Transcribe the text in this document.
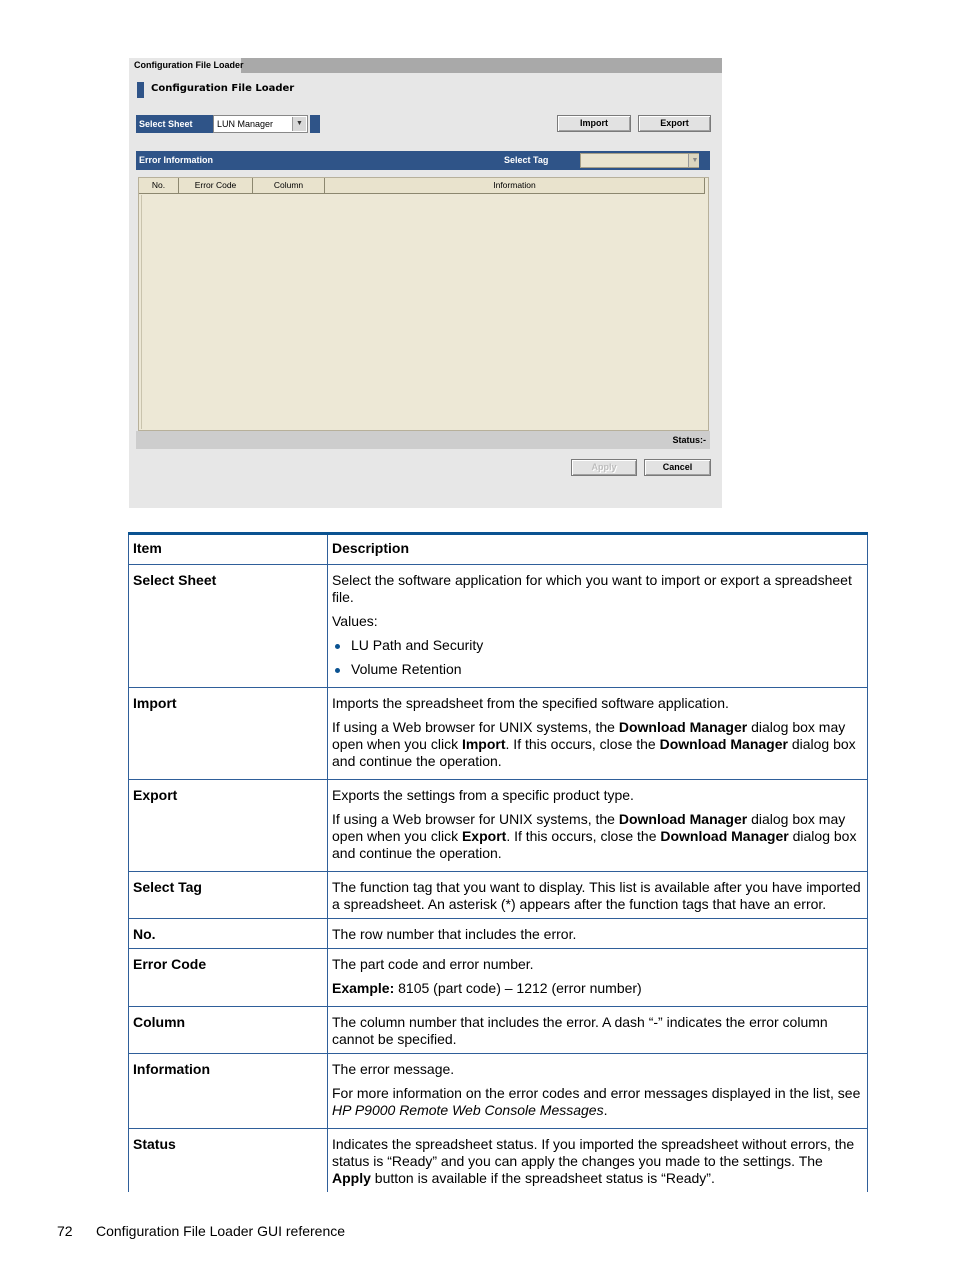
Configuration File Loader
Configuration File Loader
Select Sheet	LUN Manager	▼	Import	Export
Error Information	Select Tag	▼
No.	Error Code	Column	Information
Status:-
Apply	Cancel
Item	Description
Select Sheet	Select the software application for which you want to import or export a spreadsheet file.

Values:

LU Path and Security
Volume Retention
Import	Imports the spreadsheet from the specified software application.

If using a Web browser for UNIX systems, the Download Manager dialog box may open when you click Import. If this occurs, close the Download Manager dialog box and continue the operation.

Export	Exports the settings from a specific product type.

If using a Web browser for UNIX systems, the Download Manager dialog box may open when you click Export. If this occurs, close the Download Manager dialog box and continue the operation.

Select Tag	The function tag that you want to display. This list is available after you have imported a spreadsheet. An asterisk (*) appears after the function tags that have an error.

No.	The row number that includes the error.

Error Code	The part code and error number.

Example: 8105 (part code) – 1212 (error number)

Column	The column number that includes the error. A dash “-” indicates the error column cannot be specified.

Information	The error message.

For more information on the error codes and error messages displayed in the list, see HP P9000 Remote Web Console Messages.

Status	Indicates the spreadsheet status. If you imported the spreadsheet without errors, the status is “Ready” and you can apply the changes you made to the settings. The Apply button is available if the spreadsheet status is “Ready”.

72 Configuration File Loader GUI reference
